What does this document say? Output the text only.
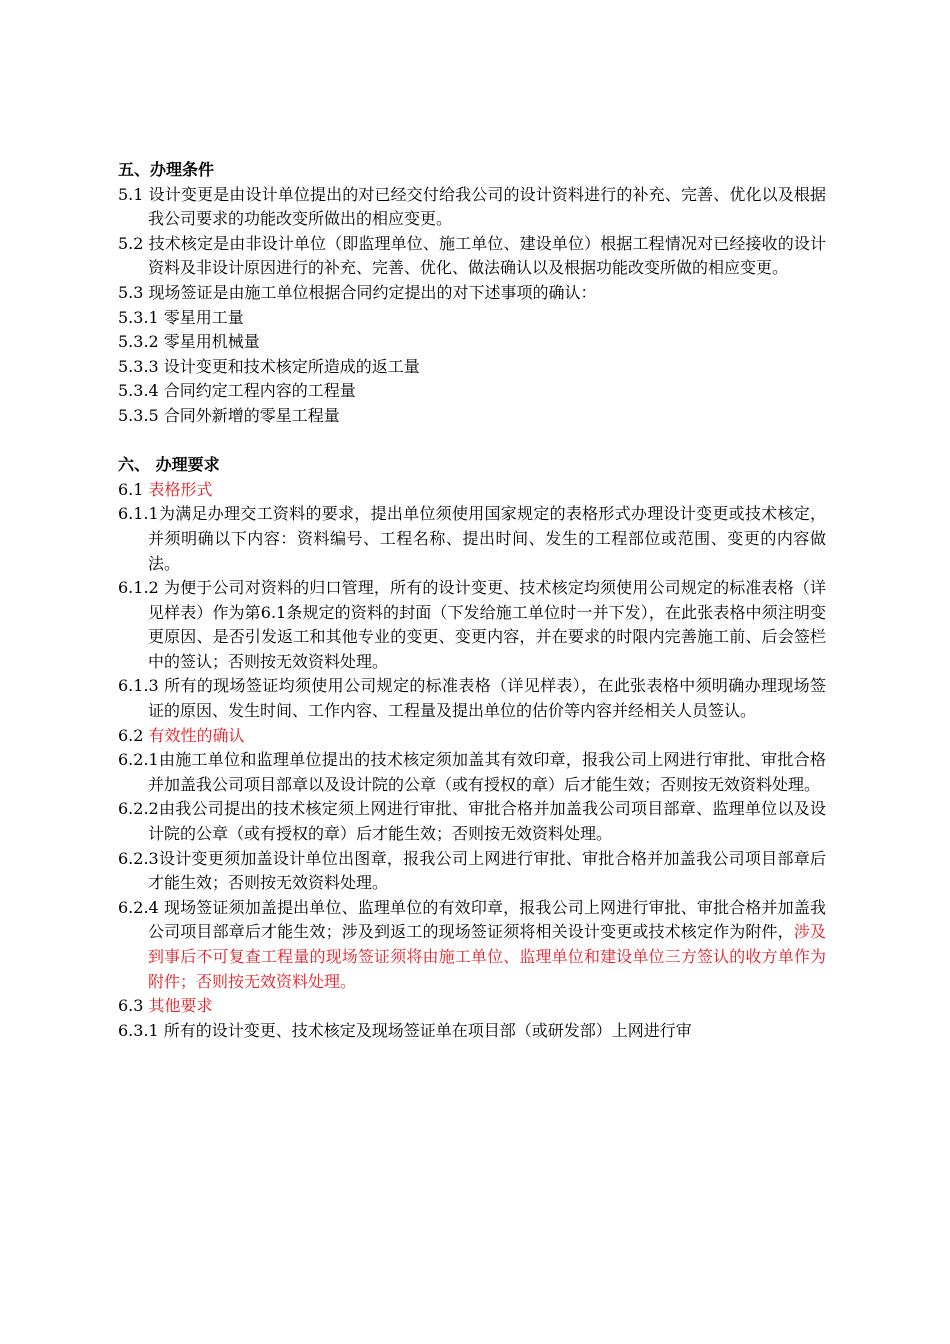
五、办理条件
5.1 设计变更是由设计单位提出的对已经交付给我公司的设计资料进行的补充、完善、优化以及根据我公司要求的功能改变所做出的相应变更。
5.2 技术核定是由非设计单位（即监理单位、施工单位、建设单位）根据工程情况对已经接收的设计资料及非设计原因进行的补充、完善、优化、做法确认以及根据功能改变所做的相应变更。
5.3 现场签证是由施工单位根据合同约定提出的对下述事项的确认：
5.3.1 零星用工量
5.3.2 零星用机械量
5.3.3 设计变更和技术核定所造成的返工量
5.3.4 合同约定工程内容的工程量
5.3.5 合同外新增的零星工程量
六、 办理要求
6.1 表格形式
6.1.1为满足办理交工资料的要求，提出单位须使用国家规定的表格形式办理设计变更或技术核定，并须明确以下内容：资料编号、工程名称、提出时间、发生的工程部位或范围、变更的内容做法。
6.1.2 为便于公司对资料的归口管理，所有的设计变更、技术核定均须使用公司规定的标准表格（详见样表）作为第6.1条规定的资料的封面（下发给施工单位时一并下发），在此张表格中须注明变更原因、是否引发返工和其他专业的变更、变更内容，并在要求的时限内完善施工前、后会签栏中的签认；否则按无效资料处理。
6.1.3 所有的现场签证均须使用公司规定的标准表格（详见样表），在此张表格中须明确办理现场签证的原因、发生时间、工作内容、工程量及提出单位的估价等内容并经相关人员签认。
6.2 有效性的确认
6.2.1由施工单位和监理单位提出的技术核定须加盖其有效印章，报我公司上网进行审批、审批合格并加盖我公司项目部章以及设计院的公章（或有授权的章）后才能生效；否则按无效资料处理。
6.2.2由我公司提出的技术核定须上网进行审批、审批合格并加盖我公司项目部章、监理单位以及设计院的公章（或有授权的章）后才能生效；否则按无效资料处理。
6.2.3设计变更须加盖设计单位出图章，报我公司上网进行审批、审批合格并加盖我公司项目部章后才能生效；否则按无效资料处理。
6.2.4 现场签证须加盖提出单位、监理单位的有效印章，报我公司上网进行审批、审批合格并加盖我公司项目部章后才能生效；涉及到返工的现场签证须将相关设计变更或技术核定作为附件，涉及到事后不可复查工程量的现场签证须将由施工单位、监理单位和建设单位三方签认的收方单作为附件；否则按无效资料处理。
6.3 其他要求
6.3.1 所有的设计变更、技术核定及现场签证单在项目部（或研发部）上网进行审
